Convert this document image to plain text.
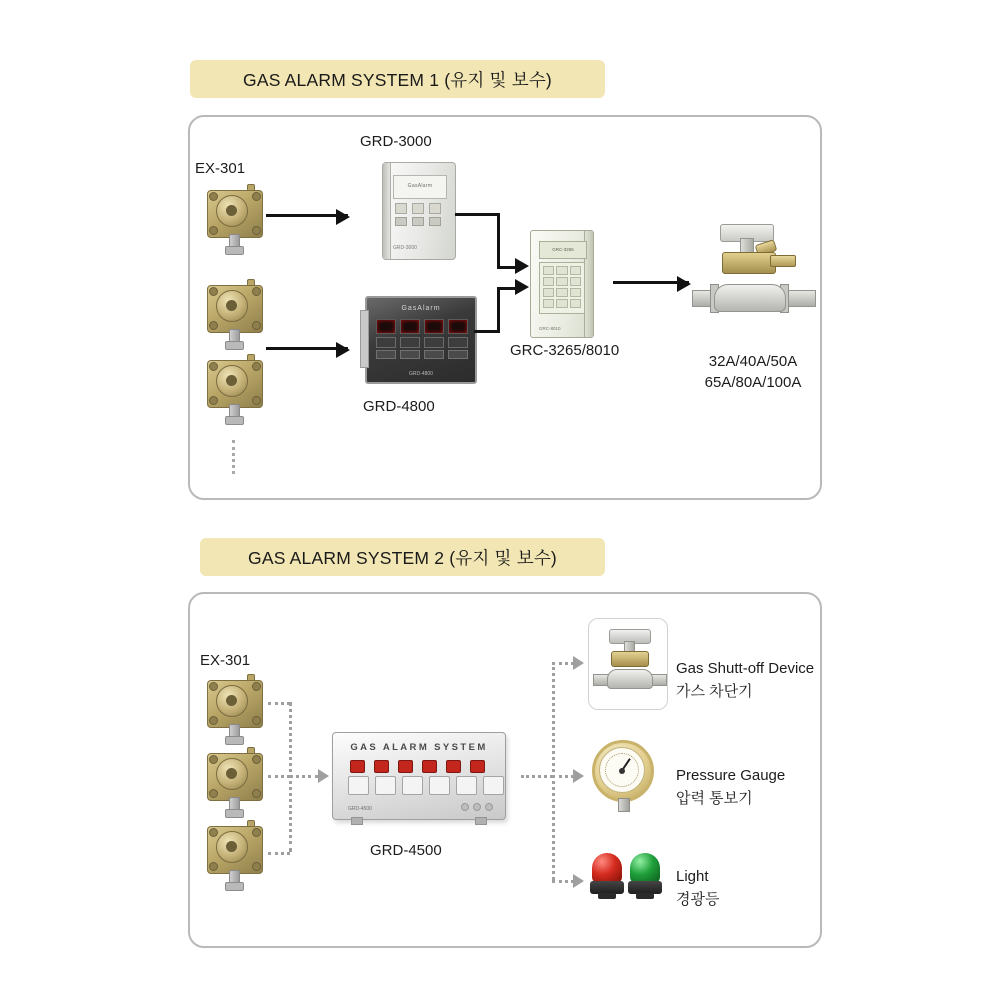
GAS ALARM SYSTEM 1 (유지 및 보수)
EX-301
GRD-3000
GasAlarm
GRD-3000
GasAlarm
GRD-4800
GRD-4800
GRC-3265
GRC-8010
GRC-3265/8010
32A/40A/50A
65A/80A/100A
GAS ALARM SYSTEM 2 (유지 및 보수)
EX-301
GAS ALARM SYSTEM
GRD-4500
GRD-4500
Gas Shutt-off Device
가스 차단기
Pressure Gauge
압력 통보기
Light
경광등
